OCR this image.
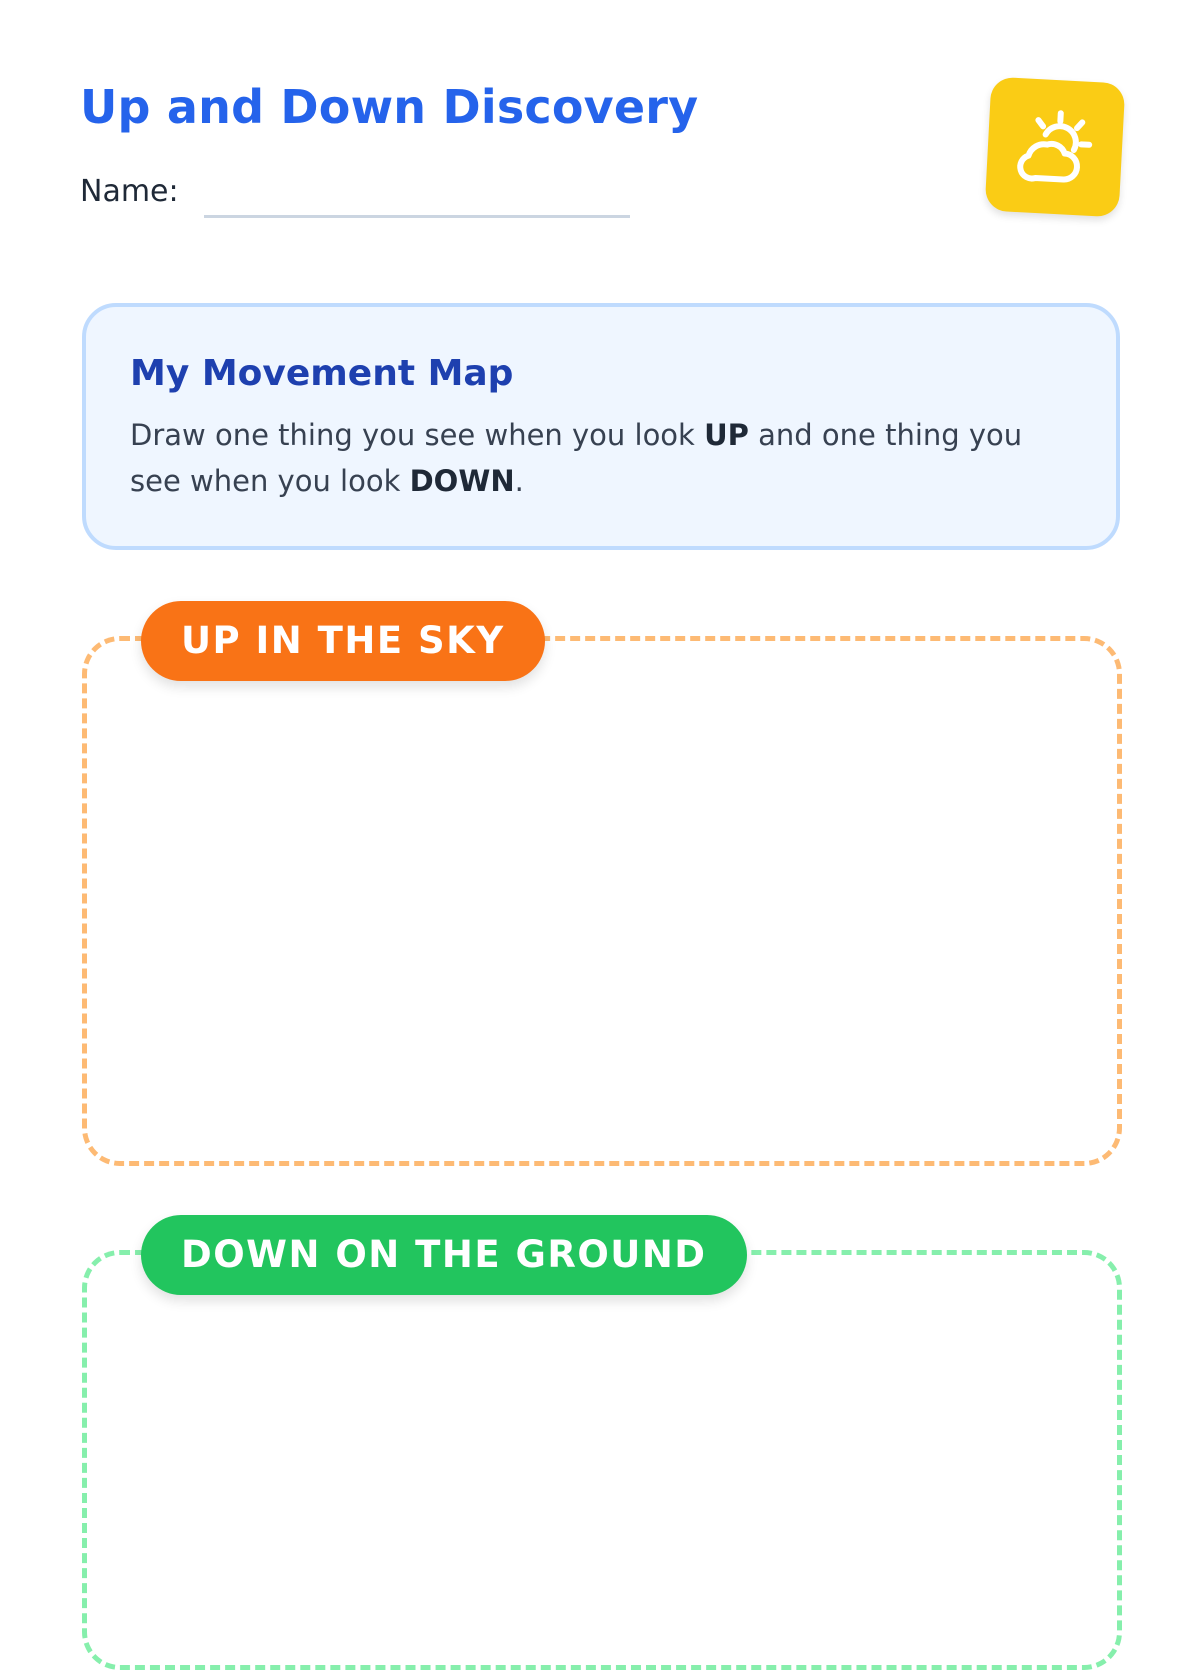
Up and Down Discovery
Name:
My Movement Map

Draw one thing you see when you look UP and one thing you see when you look DOWN.

UP IN THE SKY
DOWN ON THE GROUND
